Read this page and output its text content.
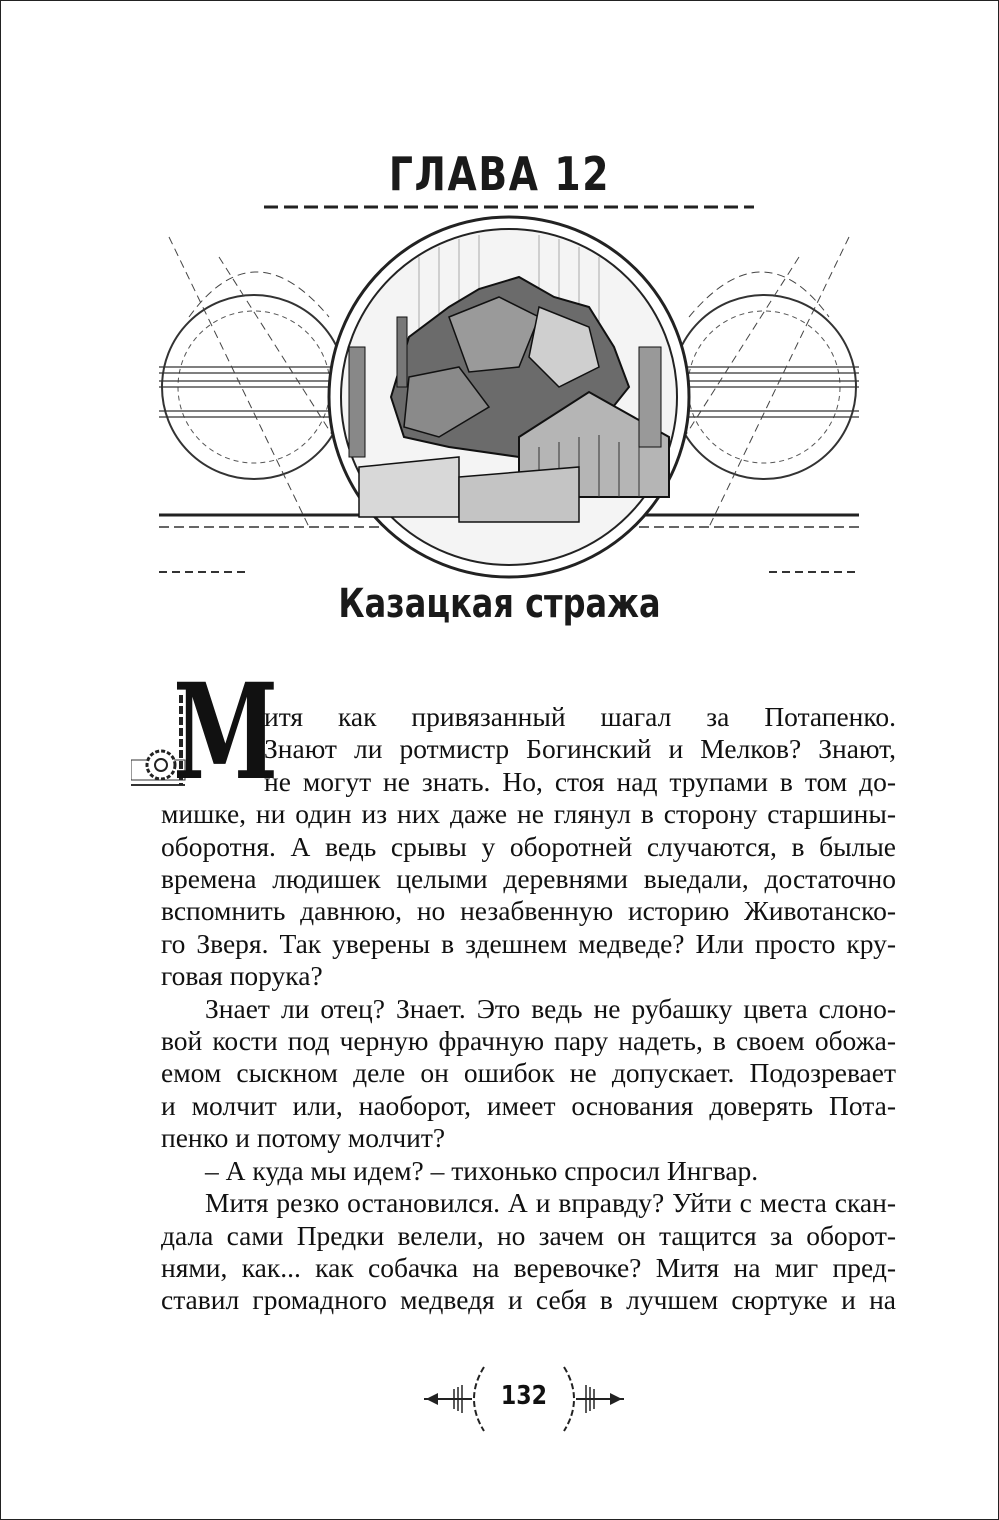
ГЛАВА 12
Казацкая стража
М
итя как привязанный шагал за Потапенко.
Знают ли ротмистр Богинский и Мелков? Знают,
не могут не знать. Но, стоя над трупами в том до-
мишке, ни один из них даже не глянул в сторону старшины-
оборотня. А ведь срывы у оборотней случаются, в былые
времена людишек целыми деревнями выедали, достаточно
вспомнить давнюю, но незабвенную историю Животанско-
го Зверя. Так уверены в здешнем медведе? Или просто кру-
говая порука?
Знает ли отец? Знает. Это ведь не рубашку цвета слоно-
вой кости под черную фрачную пару надеть, в своем обожа-
емом сыскном деле он ошибок не допускает. Подозревает
и молчит или, наоборот, имеет основания доверять Пота-
пенко и потому молчит?
– А куда мы идем? – тихонько спросил Ингвар.
Митя резко остановился. А и вправду? Уйти с места скан-
дала сами Предки велели, но зачем он тащится за оборот-
нями, как... как собачка на веревочке? Митя на миг пред-
ставил громадного медведя и себя в лучшем сюртуке и на
132
